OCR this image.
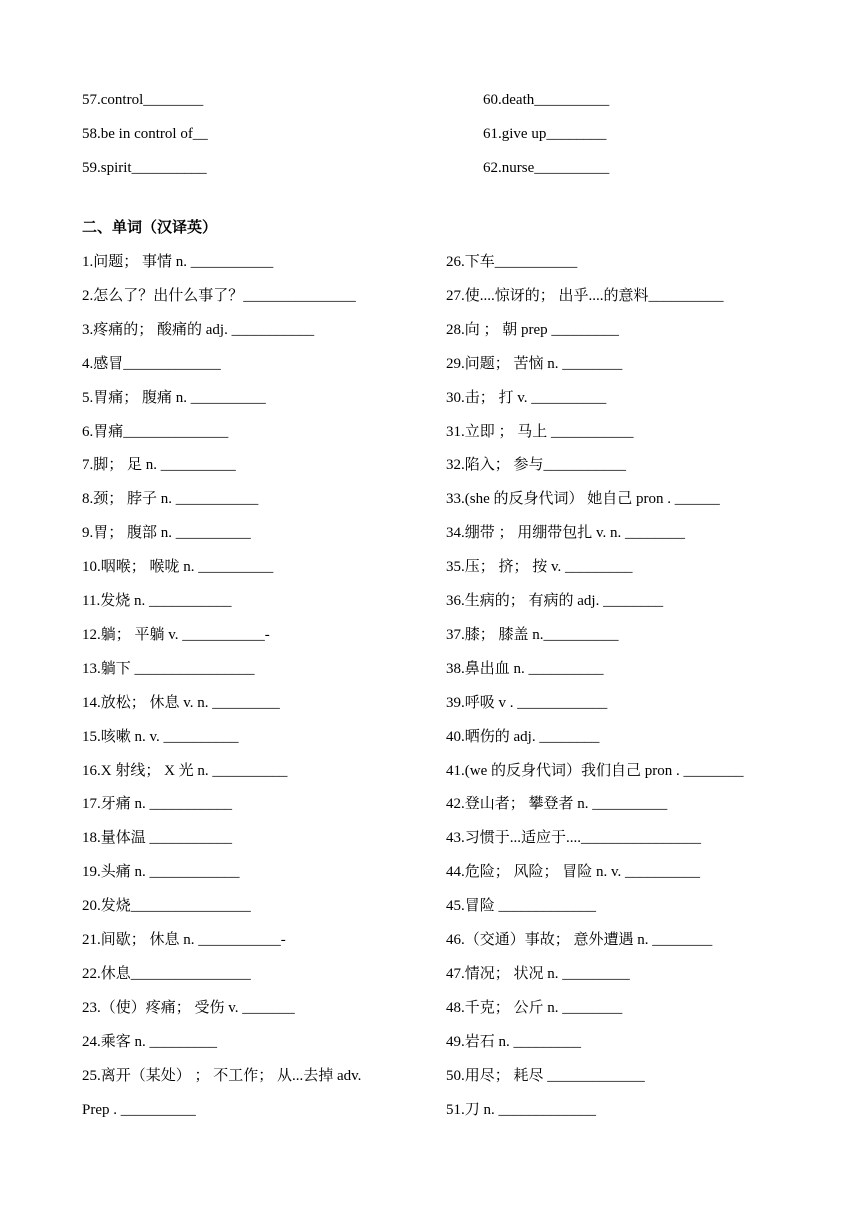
57.control________	60.death__________
58.be in control of__	61.give up________
59.spirit__________	62.nurse__________
二、单词（汉译英）
1.问题； 事情 n. ___________	26.下车___________
2.怎么了？出什么事了？_______________	27.使....惊讶的； 出乎....的意料__________
3.疼痛的； 酸痛的 adj. ___________	28.向 ； 朝 prep _________
4.感冒_____________	29.问题； 苦恼 n. ________
5.胃痛； 腹痛 n. __________	30.击； 打 v. __________
6.胃痛______________	31.立即 ； 马上 ___________
7.脚； 足 n. __________	32.陷入； 参与___________
8.颈； 脖子 n. ___________	33.(she 的反身代词） 她自己 pron . ______
9.胃； 腹部 n. __________	34.绷带 ； 用绷带包扎 v. n. ________
10.咽喉； 喉咙 n. __________	35.压； 挤； 按 v. _________
11.发烧 n. ___________	36.生病的； 有病的 adj. ________
12.躺； 平躺 v. ___________-	37.膝； 膝盖 n.__________
13.躺下 ________________	38.鼻出血 n. __________
14.放松； 休息 v. n. _________	39.呼吸 v . ____________
15.咳嗽 n. v. __________	40.晒伤的 adj. ________
16.X 射线； X 光 n. __________	41.(we 的反身代词）我们自己 pron . ________
17.牙痛 n. ___________	42.登山者； 攀登者 n. __________
18.量体温 ___________	43.习惯于...适应于....________________
19.头痛 n. ____________	44.危险； 风险； 冒险 n. v. __________
20.发烧________________	45.冒险 _____________
21.间歇； 休息 n. ___________-	46.（交通）事故； 意外遭遇 n. ________
22.休息________________	47.情况； 状况 n. _________
23.（使）疼痛； 受伤 v. _______	48.千克； 公斤 n. ________
24.乘客 n. _________	49.岩石 n. _________
25.离开（某处） ； 不工作； 从...去掉 adv.	50.用尽； 耗尽 _____________
Prep . __________	51.刀 n. _____________
